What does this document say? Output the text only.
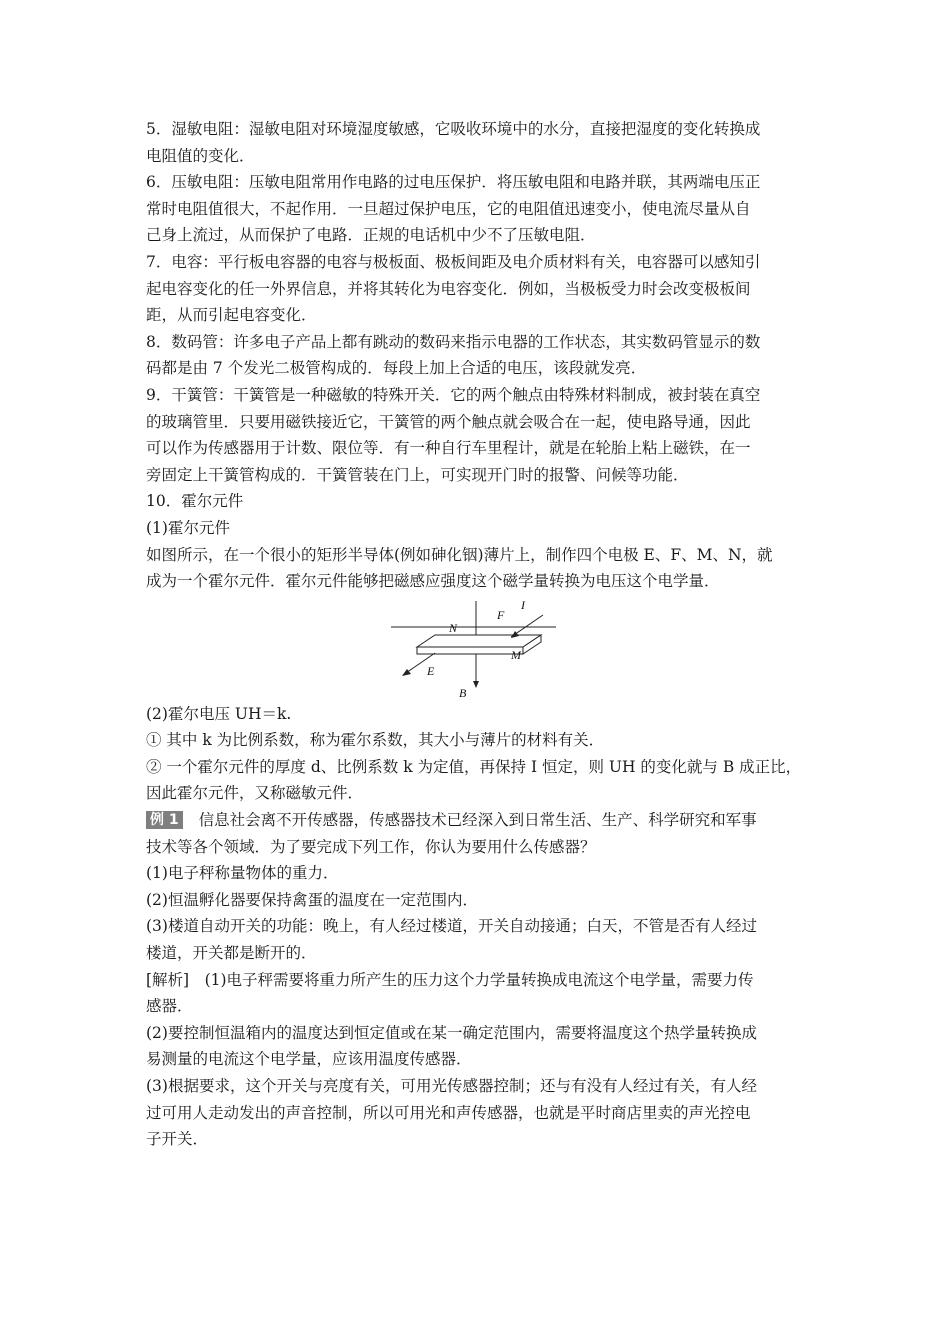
5．湿敏电阻：湿敏电阻对环境湿度敏感，它吸收环境中的水分，直接把湿度的变化转换成
电阻值的变化．
6．压敏电阻：压敏电阻常用作电路的过电压保护．将压敏电阻和电路并联，其两端电压正
常时电阻值很大，不起作用．一旦超过保护电压，它的电阻值迅速变小，使电流尽量从自
己身上流过，从而保护了电路．正规的电话机中少不了压敏电阻．
7．电容：平行板电容器的电容与极板面、极板间距及电介质材料有关，电容器可以感知引
起电容变化的任一外界信息，并将其转化为电容变化．例如，当极板受力时会改变极板间
距，从而引起电容变化．
8．数码管：许多电子产品上都有跳动的数码来指示电器的工作状态，其实数码管显示的数
码都是由 7 个发光二极管构成的．每段上加上合适的电压，该段就发亮．
9．干簧管：干簧管是一种磁敏的特殊开关．它的两个触点由特殊材料制成，被封装在真空
的玻璃管里．只要用磁铁接近它，干簧管的两个触点就会吸合在一起，使电路导通，因此
可以作为传感器用于计数、限位等．有一种自行车里程计，就是在轮胎上粘上磁铁，在一
旁固定上干簧管构成的．干簧管装在门上，可实现开门时的报警、问候等功能．
10．霍尔元件
(1)霍尔元件
如图所示，在一个很小的矩形半导体(例如砷化铟)薄片上，制作四个电极 E、F、M、N，就
成为一个霍尔元件．霍尔元件能够把磁感应强度这个磁学量转换为电压这个电学量．
N
F
I
M
E
B
(2)霍尔电压 UH＝k.
① 其中 k 为比例系数，称为霍尔系数，其大小与薄片的材料有关．
② 一个霍尔元件的厚度 d、比例系数 k 为定值，再保持 I 恒定，则 UH 的变化就与 B 成正比，
因此霍尔元件，又称磁敏元件．
例 1 信息社会离不开传感器，传感器技术已经深入到日常生活、生产、科学研究和军事
技术等各个领域．为了要完成下列工作，你认为要用什么传感器？
(1)电子秤称量物体的重力．
(2)恒温孵化器要保持禽蛋的温度在一定范围内．
(3)楼道自动开关的功能：晚上，有人经过楼道，开关自动接通；白天，不管是否有人经过
楼道，开关都是断开的．
[解析]　(1)电子秤需要将重力所产生的压力这个力学量转换成电流这个电学量，需要力传
感器．
(2)要控制恒温箱内的温度达到恒定值或在某一确定范围内，需要将温度这个热学量转换成
易测量的电流这个电学量，应该用温度传感器．
(3)根据要求，这个开关与亮度有关，可用光传感器控制；还与有没有人经过有关，有人经
过可用人走动发出的声音控制，所以可用光和声传感器，也就是平时商店里卖的声光控电
子开关．
